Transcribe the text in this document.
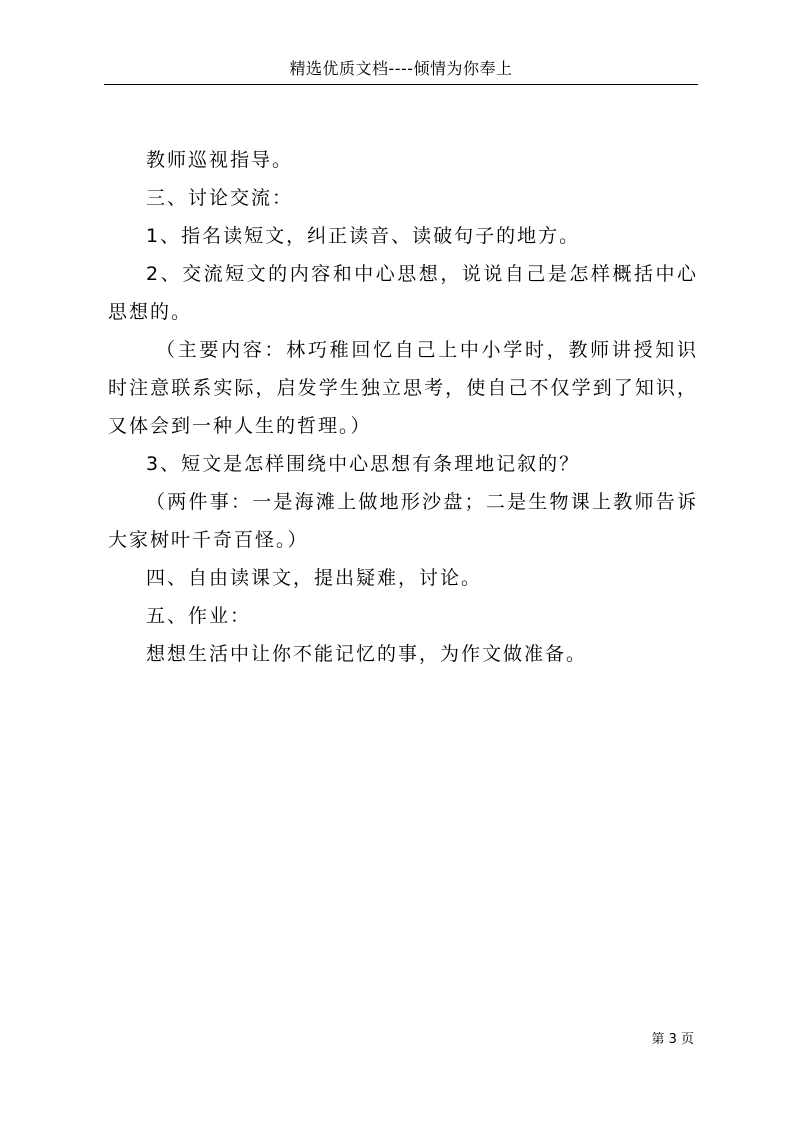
精选优质文档----倾情为你奉上

教师巡视指导。

三、讨论交流：

1、指名读短文，纠正读音、读破句子的地方。

2、交流短文的内容和中心思想，说说自己是怎样概括中心思想的。

（主要内容：林巧稚回忆自己上中小学时，教师讲授知识时注意联系实际，启发学生独立思考，使自己不仅学到了知识，又体会到一种人生的哲理。）

3、短文是怎样围绕中心思想有条理地记叙的？

（两件事：一是海滩上做地形沙盘；二是生物课上教师告诉大家树叶千奇百怪。）

四、自由读课文，提出疑难，讨论。

五、作业：

想想生活中让你不能记忆的事，为作文做准备。

第 3 页
